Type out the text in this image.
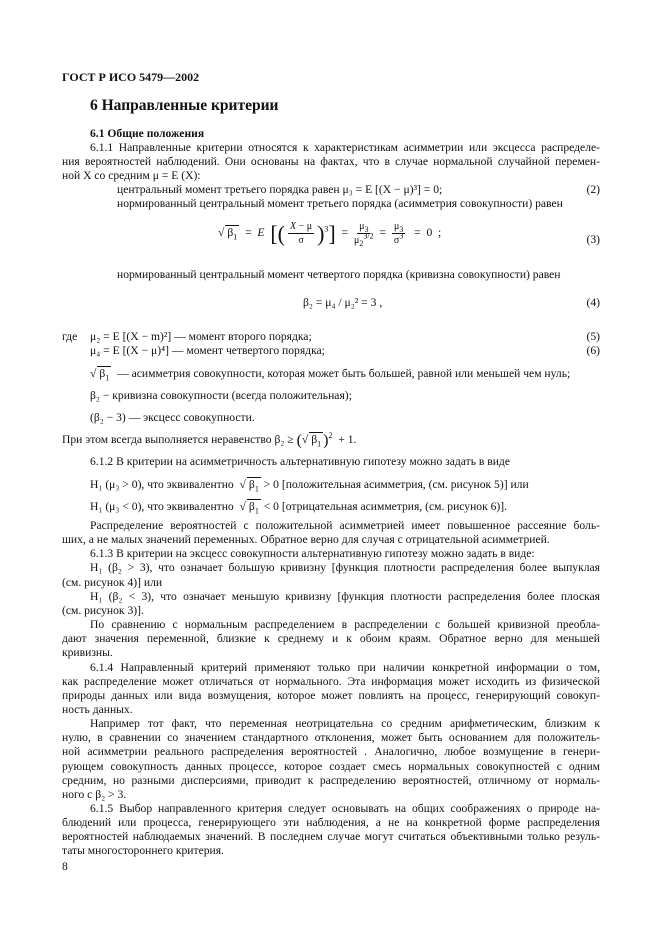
ГОСТ Р ИСО 5479—2002
6 Направленные критерии
6.1 Общие положения
6.1.1 Направленные критерии относятся к характеристикам асимметрии или эксцесса распределе-
ния вероятностей наблюдений. Они основаны на фактах, что в случае нормальной случайной перемен-
ной X со средним μ = E (X):
центральный момент третьего порядка равен μ₃ = E [(X − μ)³] = 0;	(2)
нормированный центральный момент третьего порядка (асимметрия совокупности) равен
√ $\beta_1 = E$ [( $\frac{X - \mu}{\sigma} )^3] = \frac{\mu_3}{\mu_2^{3/2}} = \frac{\mu_3}{\sigma^3} = 0$  ;
(3)
нормированный центральный момент четвертого порядка (кривизна совокупности) равен
β₂ = μ₄ / μ₂² = 3 ,	(4)
где μ₂ = E [(X − m)²] — момент второго порядка;	(5)
μ₄ = E [(X − μ)⁴] — момент четвертого порядка;	(6)
√ $\beta_1$ — асимметрия совокупности, которая может быть большей, равной или меньшей чем нуль;
β₂ − кривизна совокупности (всегда положительная);
(β₂ − 3) — эксцесс совокупности.
При этом всегда выполняется неравенство β₂ ≥ (√ $\beta_1$ )$^2$ + 1.
6.1.2 В критерии на асимметричность альтернативную гипотезу можно задать в виде
H₁ (μ₃ > 0), что эквивалентно  √ $\beta_1 > 0$ [положительная асимметрия, (см. рисунок 5)] или
H₁ (μ₃ < 0), что эквивалентно  √ $\beta_1 < 0$ [отрицательная асимметрия, (см. рисунок 6)].
Распределение вероятностей с положительной асимметрией имеет повышенное рассеяние боль-
ших, а не малых значений переменных. Обратное верно для случая с отрицательной асимметрией.
6.1.3 В критерии на эксцесс совокупности альтернативную гипотезу можно задать в виде:
H₁ (β₂ > 3), что означает большую кривизну [функция плотности распределения более выпуклая
(см. рисунок 4)] или
H₁ (β₂ < 3), что означает меньшую кривизну [функция плотности распределения более плоская
(см. рисунок 3)].
По сравнению с нормальным распределением в распределении с большей кривизной преобла-
дают значения переменной, близкие к среднему и к обоим краям. Обратное верно для меньшей
кривизны.
6.1.4 Направленный критерий применяют только при наличии конкретной информации о том,
как распределение может отличаться от нормального. Эта информация может исходить из физической
природы данных или вида возмущения, которое может повлиять на процесс, генерирующий совокуп-
ность данных.
Например тот факт, что переменная неотрицательна со средним арифметическим, близким к
нулю, в сравнении со значением стандартного отклонения, может быть основанием для положитель-
ной асимметрии реального распределения вероятностей . Аналогично, любое возмущение в генери-
рующем совокупность данных процессе, которое создает смесь нормальных совокупностей с одним
средним, но разными дисперсиями, приводит к распределению вероятностей, отличному от нормаль-
ного с β₂ > 3.
6.1.5 Выбор направленного критерия следует основывать на общих соображениях о природе на-
блюдений или процесса, генерирующего эти наблюдения, а не на конкретной форме распределения
вероятностей наблюдаемых значений. В последнем случае могут считаться объективными только резуль-
таты многостороннего критерия.
8
